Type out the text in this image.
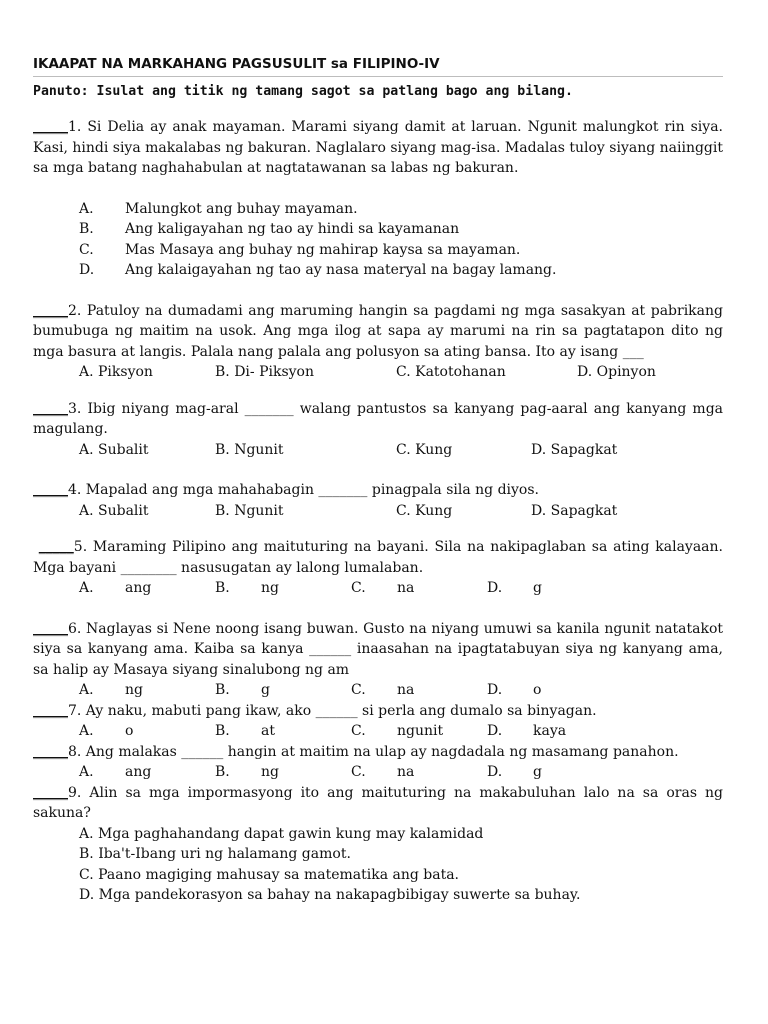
IKAAPAT NA MARKAHANG PAGSUSULIT sa FILIPINO-IV
Panuto: Isulat ang titik ng tamang sagot sa patlang bago ang bilang.
_____1. Si Delia ay anak mayaman. Marami siyang damit at laruan. Ngunit malungkot rin siya. Kasi, hindi siya makalabas ng bakuran. Naglalaro siyang mag-isa. Madalas tuloy siyang naiinggit sa mga batang naghahabulan at nagtatawanan sa labas ng bakuran.
A. Malungkot ang buhay mayaman.
B. Ang kaligayahan ng tao ay hindi sa kayamanan
C. Mas Masaya ang buhay ng mahirap kaysa sa mayaman.
D. Ang kalaigayahan ng tao ay nasa materyal na bagay lamang.
_____2. Patuloy na dumadami ang maruming hangin sa pagdami ng mga sasakyan at pabrikang bumubuga ng maitim na usok. Ang mga ilog at sapa ay marumi na rin sa pagtatapon dito ng mga basura at langis. Palala nang palala ang polusyon sa ating bansa. Ito ay isang ___
A. Piksyon	B. Di- Piksyon	C. Katotohanan	D. Opinyon
_____3. Ibig niyang mag-aral _______ walang pantustos sa kanyang pag-aaral ang kanyang mga magulang.
A. Subalit	B. Ngunit	C. Kung	D. Sapagkat
_____4. Mapalad ang mga mahahabagin _______ pinagpala sila ng diyos.
A. Subalit	B. Ngunit	C. Kung	D. Sapagkat
_____5. Maraming Pilipino ang maituturing na bayani. Sila na nakipaglaban sa ating kalayaan. Mga bayani ________ nasusugatan ay lalong lumalaban.
A. ang	B. ng	C. na	D. g
_____6. Naglayas si Nene noong isang buwan. Gusto na niyang umuwi sa kanila ngunit natatakot siya sa kanyang ama. Kaiba sa kanya ______ inaasahan na ipagtatabuyan siya ng kanyang ama, sa halip ay Masaya siyang sinalubong ng am
A. ng	B. g	C. na	D. o
_____7. Ay naku, mabuti pang ikaw, ako ______ si perla ang dumalo sa binyagan.
A. o	B. at	C. ngunit	D. kaya
_____8. Ang malakas ______ hangin at maitim na ulap ay nagdadala ng masamang panahon.
A. ang	B. ng	C. na	D. g
_____9. Alin sa mga impormasyong ito ang maituturing na makabuluhan lalo na sa oras ng sakuna?
A. Mga paghahandang dapat gawin kung may kalamidad
B. Iba't-Ibang uri ng halamang gamot.
C. Paano magiging mahusay sa matematika ang bata.
D. Mga pandekorasyon sa bahay na nakapagbibigay suwerte sa buhay.
